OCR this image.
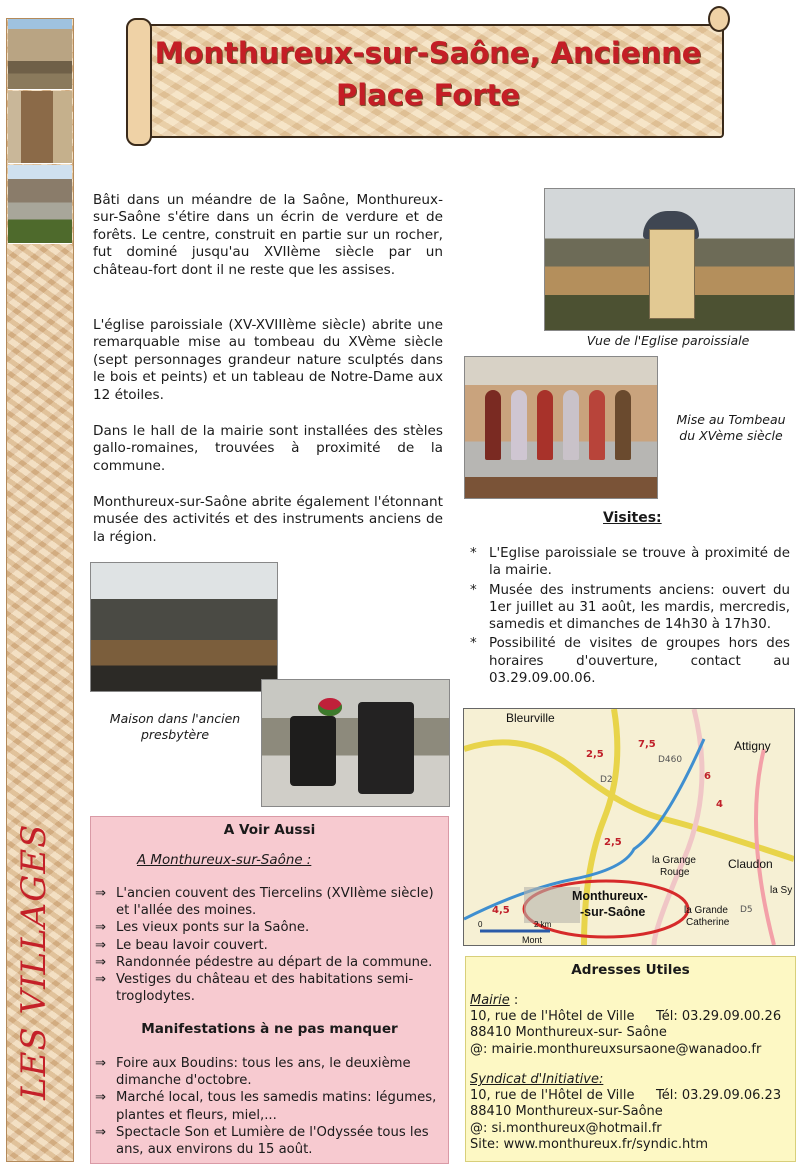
LES VILLAGES
Monthureux-sur-Saône, Ancienne
Place Forte
Bâti dans un méandre de la Saône, Monthureux-sur-Saône s'étire dans un écrin de verdure et de forêts. Le centre, construit en partie sur un rocher, fut dominé jusqu'au XVIIème siècle par un château-fort dont il ne reste que les assises.
L'église paroissiale (XV-XVIIIème siècle) abrite une remarquable mise au tombeau du XVème siècle (sept personnages grandeur nature sculptés dans le bois et peints) et un tableau de Notre-Dame aux 12 étoiles.
Dans le hall de la mairie sont installées des stèles gallo-romaines, trouvées à proximité de la commune.
Monthureux-sur-Saône abrite également l'étonnant musée des activités et des instruments anciens de la région.
Vue de l'Eglise paroissiale
Mise au Tombeau
du XVème siècle
Visites:
* L'Eglise paroissiale se trouve à proximité de la mairie.
* Musée des instruments anciens: ouvert du 1er juillet au 31 août, les mardis, mercredis, samedis et dimanches de 14h30 à 17h30.
* Possibilité de visites de groupes hors des horaires d'ouverture, contact au 03.29.09.00.06.
Maison dans l'ancien
presbytère
Bleurville
Attigny
Claudon
la Grange
Rouge
Monthureux-
-sur-Saône	la Grande
Catherine
la Sy
Mont
0	2 km
2,5
7,5
6
4
2,5
4,5
D460
D2
D5
A Voir Aussi
A Monthureux-sur-Saône :
⇒ L'ancien couvent des Tiercelins (XVIIème siècle) et l'allée des moines.
⇒ Les vieux ponts sur la Saône.
⇒ Le beau lavoir couvert.
⇒ Randonnée pédestre au départ de la commune.
⇒ Vestiges du château et des habitations semi-troglodytes.
Manifestations à ne pas manquer
⇒ Foire aux Boudins: tous les ans, le deuxième dimanche d'octobre.
⇒ Marché local, tous les samedis matins: légumes, plantes et fleurs, miel,...
⇒ Spectacle Son et Lumière de l'Odyssée tous les ans, aux environs du 15 août.
Adresses Utiles
Mairie :
10, rue de l'Hôtel de Ville Tél: 03.29.09.00.26
88410 Monthureux-sur- Saône
@: mairie.monthureuxsursaone@wanadoo.fr
Syndicat d'Initiative:
10, rue de l'Hôtel de Ville Tél: 03.29.09.06.23
88410 Monthureux-sur-Saône
@: si.monthureux@hotmail.fr
Site: www.monthureux.fr/syndic.htm
